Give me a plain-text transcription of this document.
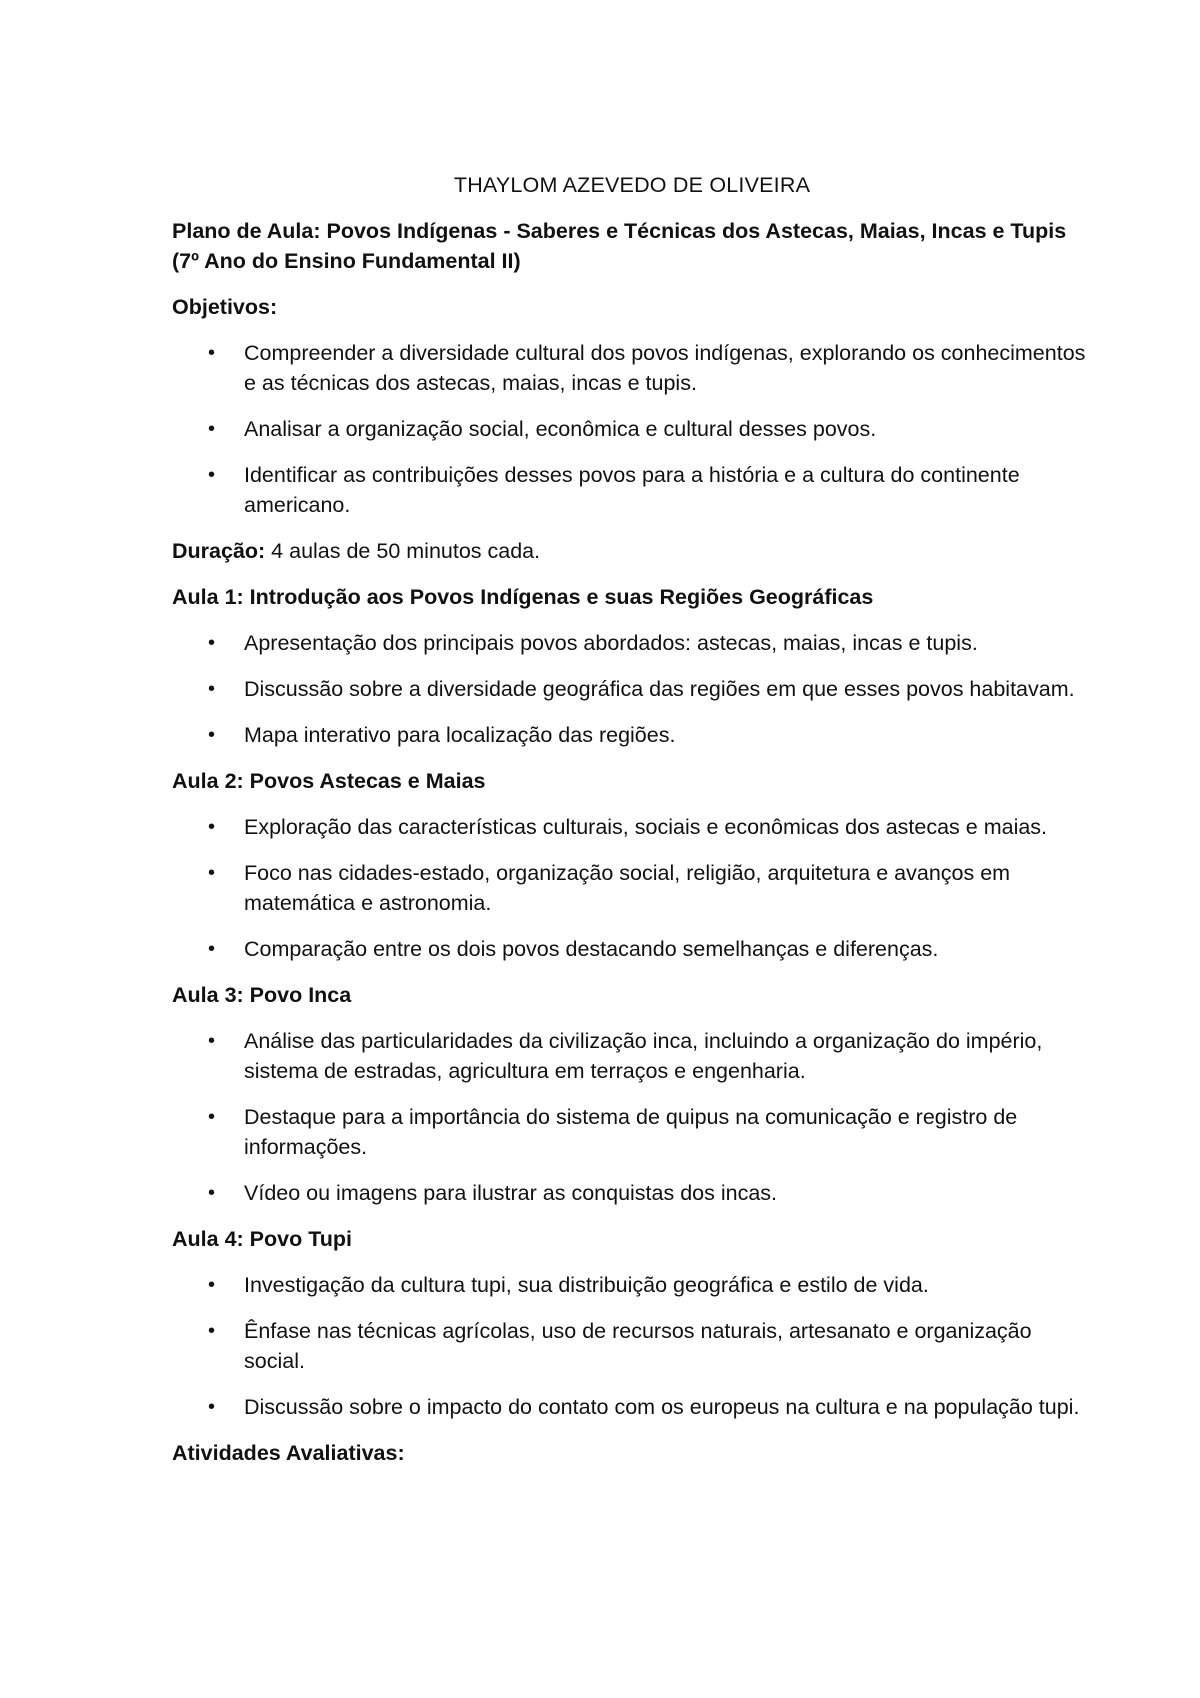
THAYLOM AZEVEDO DE OLIVEIRA
Plano de Aula: Povos Indígenas - Saberes e Técnicas dos Astecas, Maias, Incas e Tupis (7º Ano do Ensino Fundamental II)
Objetivos:
• Compreender a diversidade cultural dos povos indígenas, explorando os conhecimentos e as técnicas dos astecas, maias, incas e tupis.
• Analisar a organização social, econômica e cultural desses povos.
• Identificar as contribuições desses povos para a história e a cultura do continente americano.
Duração: 4 aulas de 50 minutos cada.
Aula 1: Introdução aos Povos Indígenas e suas Regiões Geográficas
• Apresentação dos principais povos abordados: astecas, maias, incas e tupis.
• Discussão sobre a diversidade geográfica das regiões em que esses povos habitavam.
• Mapa interativo para localização das regiões.
Aula 2: Povos Astecas e Maias
• Exploração das características culturais, sociais e econômicas dos astecas e maias.
• Foco nas cidades-estado, organização social, religião, arquitetura e avanços em matemática e astronomia.
• Comparação entre os dois povos destacando semelhanças e diferenças.
Aula 3: Povo Inca
• Análise das particularidades da civilização inca, incluindo a organização do império, sistema de estradas, agricultura em terraços e engenharia.
• Destaque para a importância do sistema de quipus na comunicação e registro de informações.
• Vídeo ou imagens para ilustrar as conquistas dos incas.
Aula 4: Povo Tupi
• Investigação da cultura tupi, sua distribuição geográfica e estilo de vida.
• Ênfase nas técnicas agrícolas, uso de recursos naturais, artesanato e organização social.
• Discussão sobre o impacto do contato com os europeus na cultura e na população tupi.
Atividades Avaliativas:
